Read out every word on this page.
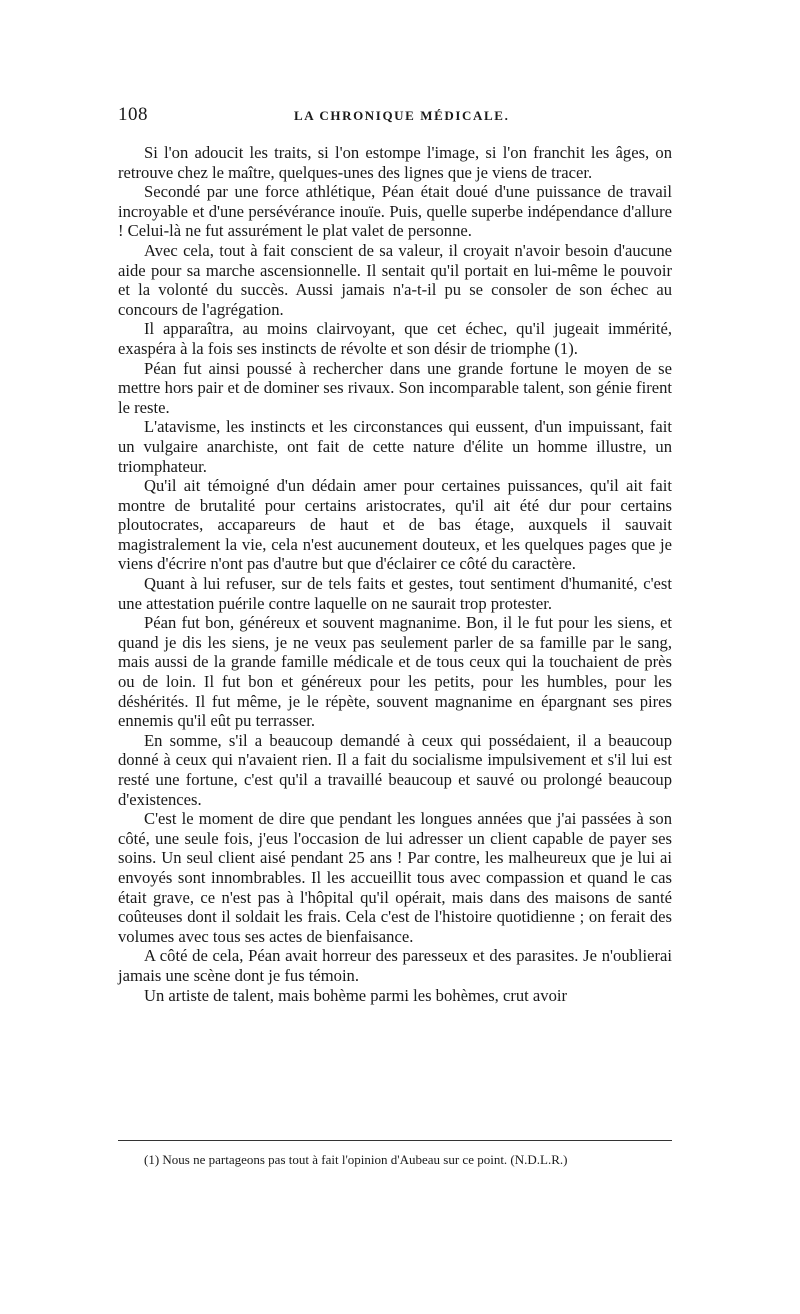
108	LA CHRONIQUE MÉDICALE.

Si l'on adoucit les traits, si l'on estompe l'image, si l'on franchit les âges, on retrouve chez le maître, quelques-unes des lignes que je viens de tracer.

Secondé par une force athlétique, Péan était doué d'une puissance de travail incroyable et d'une persévérance inouïe. Puis, quelle superbe indépendance d'allure ! Celui-là ne fut assurément le plat valet de personne.

Avec cela, tout à fait conscient de sa valeur, il croyait n'avoir besoin d'aucune aide pour sa marche ascensionnelle. Il sentait qu'il portait en lui-même le pouvoir et la volonté du succès. Aussi jamais n'a-t-il pu se consoler de son échec au concours de l'agrégation.

Il apparaîtra, au moins clairvoyant, que cet échec, qu'il jugeait immérité, exaspéra à la fois ses instincts de révolte et son désir de triomphe (1).

Péan fut ainsi poussé à rechercher dans une grande fortune le moyen de se mettre hors pair et de dominer ses rivaux. Son incomparable talent, son génie firent le reste.

L'atavisme, les instincts et les circonstances qui eussent, d'un impuissant, fait un vulgaire anarchiste, ont fait de cette nature d'élite un homme illustre, un triomphateur.

Qu'il ait témoigné d'un dédain amer pour certaines puissances, qu'il ait fait montre de brutalité pour certains aristocrates, qu'il ait été dur pour certains ploutocrates, accapareurs de haut et de bas étage, auxquels il sauvait magistralement la vie, cela n'est aucunement douteux, et les quelques pages que je viens d'écrire n'ont pas d'autre but que d'éclairer ce côté du caractère.

Quant à lui refuser, sur de tels faits et gestes, tout sentiment d'humanité, c'est une attestation puérile contre laquelle on ne saurait trop protester.

Péan fut bon, généreux et souvent magnanime. Bon, il le fut pour les siens, et quand je dis les siens, je ne veux pas seulement parler de sa famille par le sang, mais aussi de la grande famille médicale et de tous ceux qui la touchaient de près ou de loin. Il fut bon et généreux pour les petits, pour les humbles, pour les déshérités. Il fut même, je le répète, souvent magnanime en épargnant ses pires ennemis qu'il eût pu terrasser.

En somme, s'il a beaucoup demandé à ceux qui possédaient, il a beaucoup donné à ceux qui n'avaient rien. Il a fait du socialisme impulsivement et s'il lui est resté une fortune, c'est qu'il a travaillé beaucoup et sauvé ou prolongé beaucoup d'existences.

C'est le moment de dire que pendant les longues années que j'ai passées à son côté, une seule fois, j'eus l'occasion de lui adresser un client capable de payer ses soins. Un seul client aisé pendant 25 ans ! Par contre, les malheureux que je lui ai envoyés sont innombrables. Il les accueillit tous avec compassion et quand le cas était grave, ce n'est pas à l'hôpital qu'il opérait, mais dans des maisons de santé coûteuses dont il soldait les frais. Cela c'est de l'histoire quotidienne ; on ferait des volumes avec tous ses actes de bienfaisance.

A côté de cela, Péan avait horreur des paresseux et des parasites. Je n'oublierai jamais une scène dont je fus témoin.

Un artiste de talent, mais bohème parmi les bohèmes, crut avoir

(1) Nous ne partageons pas tout à fait l'opinion d'Aubeau sur ce point. (N.D.L.R.)
